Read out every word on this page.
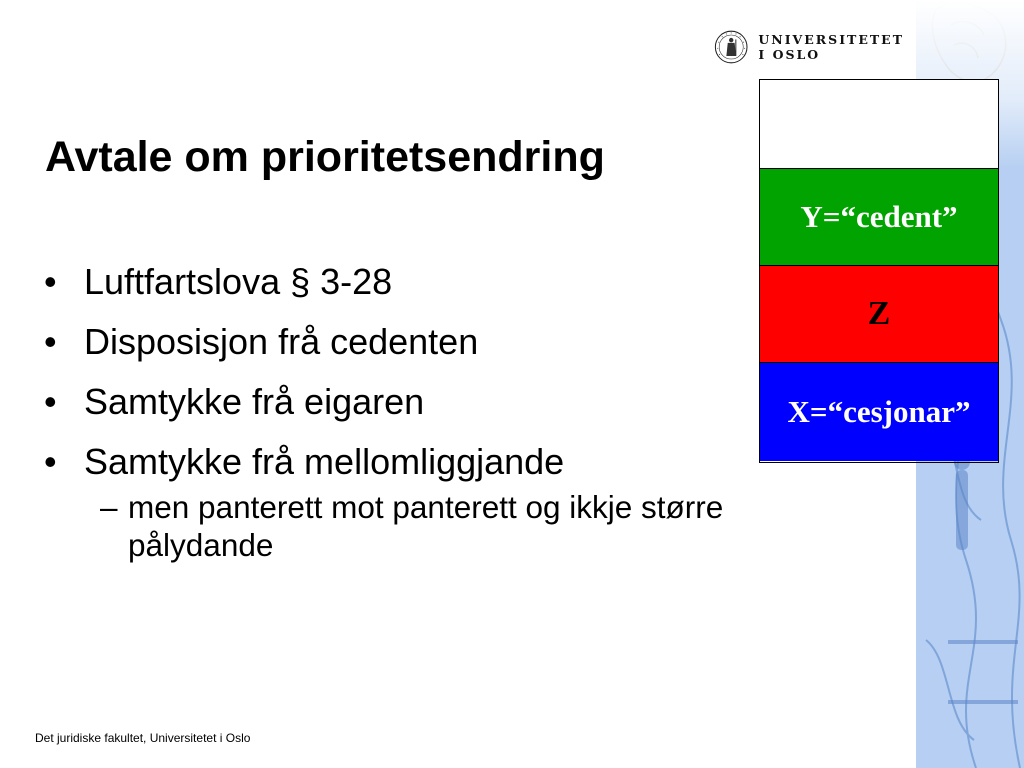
UNIVERSITETET
I OSLO
Avtale om prioritetsendring
• Luftfartslova § 3-28
• Disposisjon frå cedenten
• Samtykke frå eigaren
• Samtykke frå mellomliggjande
– men panterett mot panterett og ikkje større
pålydande
Y=“cedent”
Z
X=“cesjonar”
Det juridiske fakultet, Universitetet i Oslo
